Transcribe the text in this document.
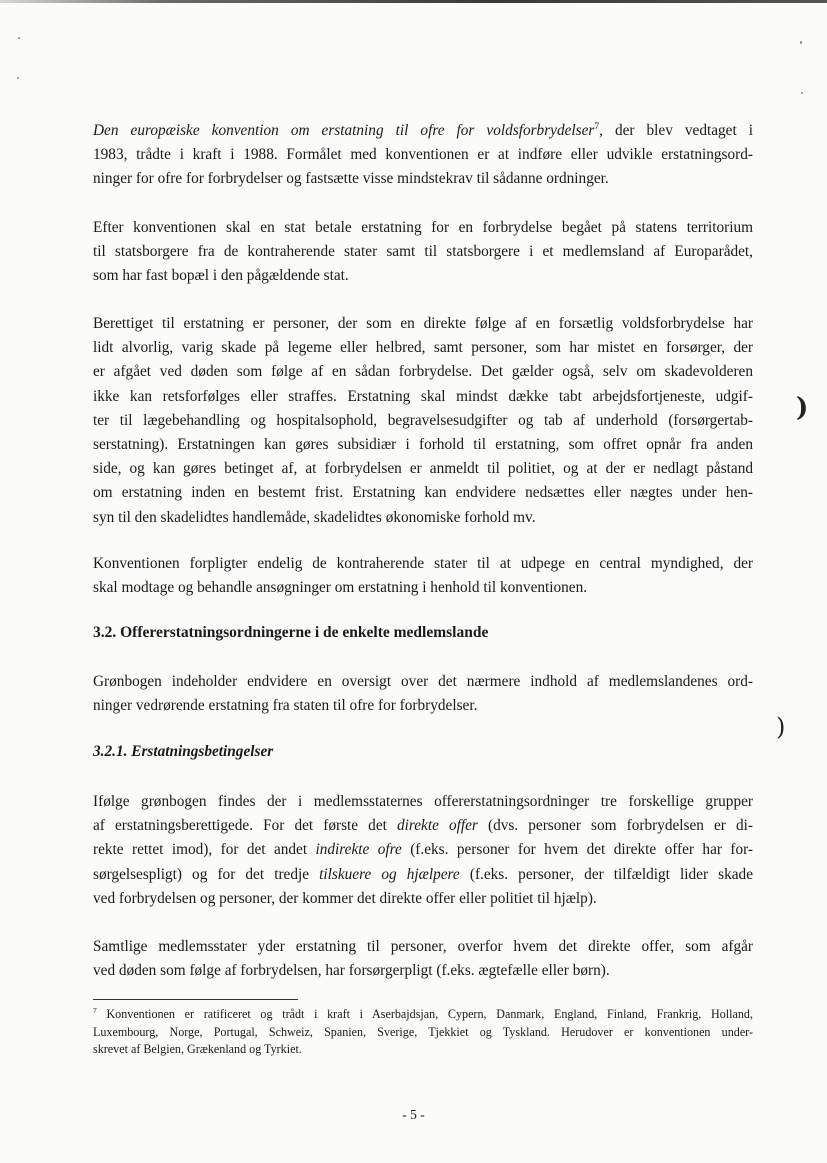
Den europæiske konvention om erstatning til ofre for voldsforbrydelser$^7$, der blev vedtaget i
1983, trådte i kraft i 1988. Formålet med konventionen er at indføre eller udvikle erstatningsord-
ninger for ofre for forbrydelser og fastsætte visse mindstekrav til sådanne ordninger.
Efter konventionen skal en stat betale erstatning for en forbrydelse begået på statens territorium
til statsborgere fra de kontraherende stater samt til statsborgere i et medlemsland af Europarådet,
som har fast bopæl i den pågældende stat.
Berettiget til erstatning er personer, der som en direkte følge af en forsætlig voldsforbrydelse har
lidt alvorlig, varig skade på legeme eller helbred, samt personer, som har mistet en forsørger, der
er afgået ved døden som følge af en sådan forbrydelse. Det gælder også, selv om skadevolderen
ikke kan retsforfølges eller straffes. Erstatning skal mindst dække tabt arbejdsfortjeneste, udgif-
ter til lægebehandling og hospitalsophold, begravelsesudgifter og tab af underhold (forsørgertab-
serstatning). Erstatningen kan gøres subsidiær i forhold til erstatning, som offret opnår fra anden
side, og kan gøres betinget af, at forbrydelsen er anmeldt til politiet, og at der er nedlagt påstand
om erstatning inden en bestemt frist. Erstatning kan endvidere nedsættes eller nægtes under hen-
syn til den skadelidtes handlemåde, skadelidtes økonomiske forhold mv.
Konventionen forpligter endelig de kontraherende stater til at udpege en central myndighed, der
skal modtage og behandle ansøgninger om erstatning i henhold til konventionen.
3.2. Offererstatningsordningerne i de enkelte medlemslande
Grønbogen indeholder endvidere en oversigt over det nærmere indhold af medlemslandenes ord-
ninger vedrørende erstatning fra staten til ofre for forbrydelser.
3.2.1. Erstatningsbetingelser
Ifølge grønbogen findes der i medlemsstaternes offererstatningsordninger tre forskellige grupper
af erstatningsberettigede. For det første det direkte offer (dvs. personer som forbrydelsen er di-
rekte rettet imod), for det andet indirekte ofre (f.eks. personer for hvem det direkte offer har for-
sørgelsespligt) og for det tredje tilskuere og hjælpere (f.eks. personer, der tilfældigt lider skade
ved forbrydelsen og personer, der kommer det direkte offer eller politiet til hjælp).
Samtlige medlemsstater yder erstatning til personer, overfor hvem det direkte offer, som afgår
ved døden som følge af forbrydelsen, har forsørgerpligt (f.eks. ægtefælle eller børn).
$^7$ Konventionen er ratificeret og trådt i kraft i Aserbajdsjan, Cypern, Danmark, England, Finland, Frankrig, Holland,
Luxembourg, Norge, Portugal, Schweiz, Spanien, Sverige, Tjekkiet og Tyskland. Herudover er konventionen under-
skrevet af Belgien, Grækenland og Tyrkiet.
- 5 -
)
)
